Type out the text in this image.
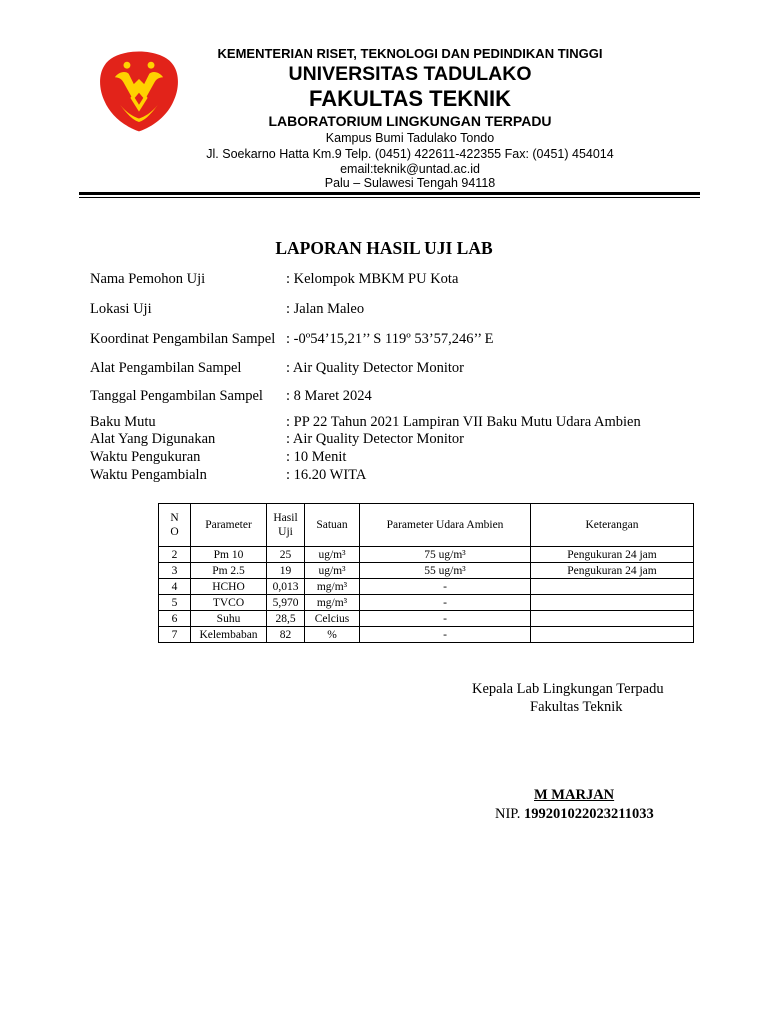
KEMENTERIAN RISET, TEKNOLOGI DAN PEDINDIKAN TINGGI
UNIVERSITAS TADULAKO
FAKULTAS TEKNIK
LABORATORIUM LINGKUNGAN TERPADU
Kampus Bumi Tadulako Tondo
Jl. Soekarno Hatta Km.9 Telp. (0451) 422611-422355 Fax: (0451) 454014
email:teknik@untad.ac.id
Palu – Sulawesi Tengah 94118
LAPORAN HASIL UJI LAB
Nama Pemohon Uji	: Kelompok MBKM PU Kota
Lokasi Uji	: Jalan Maleo
Koordinat Pengambilan Sampel : -0º54’15,21’’ S 119º 53’57,246’’ E
Alat Pengambilan Sampel	: Air Quality Detector Monitor
Tanggal Pengambilan Sampel : 8 Maret 2024
Baku Mutu	: PP 22 Tahun 2021 Lampiran VII Baku Mutu Udara Ambien
Alat Yang Digunakan	: Air Quality Detector Monitor
Waktu Pengukuran	: 10 Menit
Waktu Pengambialn	: 16.20 WITA
N O	Parameter	Hasil Uji	Satuan	Parameter Udara Ambien	Keterangan
2	Pm 10	25	ug/m³	75 ug/m³	Pengukuran 24 jam
3	Pm 2.5	19	ug/m³	55 ug/m³	Pengukuran 24 jam
4	HCHO	0,013	mg/m³	-	
5	TVCO	5,970	mg/m³	-	
6	Suhu	28,5	Celcius	-	
7	Kelembaban	82	%	-	
Kepala Lab Lingkungan Terpadu
Fakultas Teknik
M MARJAN
NIP. 199201022023211033
